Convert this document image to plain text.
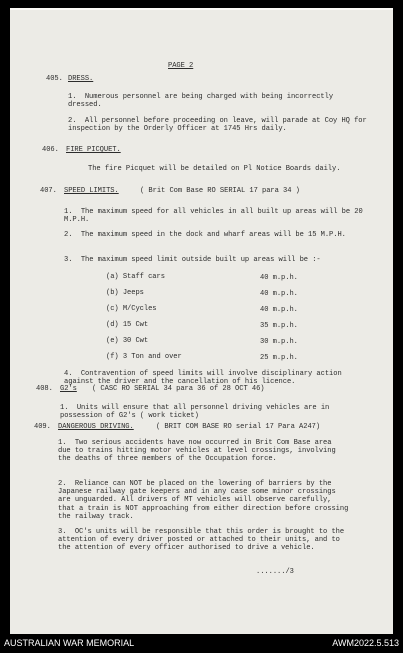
PAGE 2

405. DRESS.

1.  Numerous personnel are being charged with being incorrectly dressed.

2.  All personnel before proceeding on leave, will parade at Coy HQ for inspection by the Orderly Officer at 1745 Hrs daily.

406. FIRE PICQUET.

The fire Picquet will be detailed on Pl Notice Boards daily.

407. SPEED LIMITS.	( Brit Com Base RO SERIAL 17 para 34 )

1.  The maximum speed for all vehicles in all built up areas will be 20 M.P.H.

2.  The maximum speed in the dock and wharf areas will be 15 M.P.H.

3.  The maximum speed limit outside built up areas will be :-

(a) Staff cars	40 m.p.h.

(b) Jeeps	40 m.p.h.

(c) M/Cycles	40 m.p.h.

(d) 15 Cwt	35 m.p.h.

(e) 30 Cwt	30 m.p.h.

(f) 3 Ton and over	25 m.p.h.

4.  Contravention of speed limits will involve disciplinary action against the driver and the cancellation of his licence.

408. G2's ( CASC RO SERIAL 34 para 36 of 28 OCT 46)

1.  Units will ensure that all personnel driving vehicles are in possession of G2's ( work ticket)

409. DANGEROUS DRIVING.	( BRIT COM BASE RO serial 17 Para A247)

1.  Two serious accidents have now occurred in Brit Com Base area due to trains hitting motor vehicles at level crossings, involving the deaths of three members of the Occupation force.

2.  Reliance can NOT be placed on the lowering of barriers by the Japanese railway gate keepers and in any case some minor crossings are unguarded. All drivers of MT vehicles will observe carefully, that a train is NOT approaching from either direction before crossing the railway track.

3.  OC's units will be responsible that this order is brought to the attention of every driver posted or attached to their units, and to the attention of every officer authorised to drive a vehicle.

......./3

AUSTRALIAN WAR MEMORIAL	AWM2022.5.513
